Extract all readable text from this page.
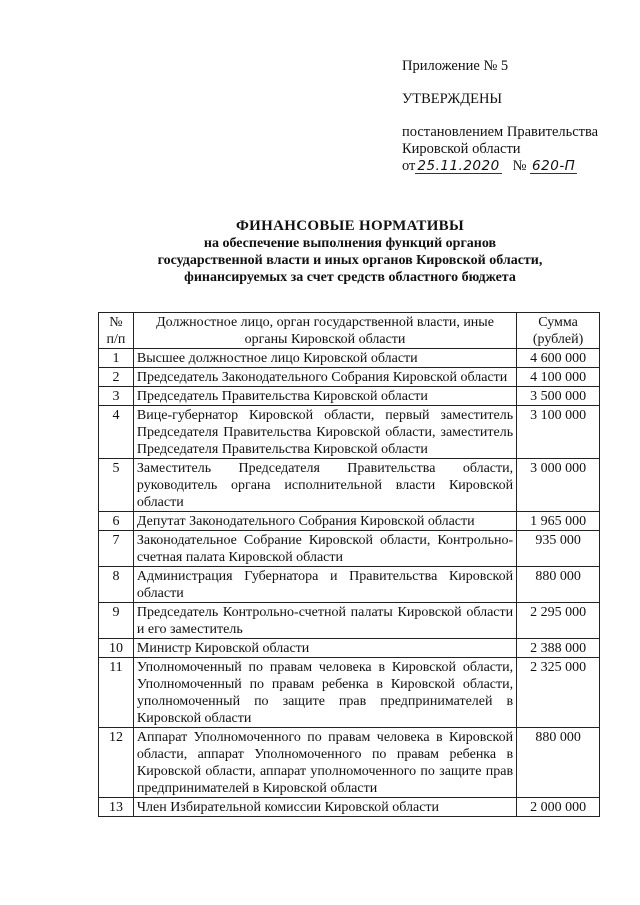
Приложение № 5
УТВЕРЖДЕНЫ
постановлением Правительства
Кировской области
от 25.11.2020 № 620-П
ФИНАНСОВЫЕ НОРМАТИВЫ
на обеспечение выполнения функций органов
государственной власти и иных органов Кировской области,
финансируемых за счет средств областного бюджета
№ п/п	Должностное лицо, орган государственной власти, иные органы Кировской области	Сумма (рублей)
1	Высшее должностное лицо Кировской области	4 600 000
2	Председатель Законодательного Собрания Кировской области	4 100 000
3	Председатель Правительства Кировской области	3 500 000
4	Вице-губернатор Кировской области, первый заместитель Председателя Правительства Кировской области, заместитель Председателя Правительства Кировской области	3 100 000
5	Заместитель Председателя Правительства области, руководитель органа исполнительной власти Кировской области	3 000 000
6	Депутат Законодательного Собрания Кировской области	1 965 000
7	Законодательное Собрание Кировской области, Контрольно-счетная палата Кировской области	935 000
8	Администрация Губернатора и Правительства Кировской области	880 000
9	Председатель Контрольно-счетной палаты Кировской области и его заместитель	2 295 000
10	Министр Кировской области	2 388 000
11	Уполномоченный по правам человека в Кировской области, Уполномоченный по правам ребенка в Кировской области, уполномоченный по защите прав предпринимателей в Кировской области	2 325 000
12	Аппарат Уполномоченного по правам человека в Кировской области, аппарат Уполномоченного по правам ребенка в Кировской области, аппарат уполномоченного по защите прав предпринимателей в Кировской области	880 000
13	Член Избирательной комиссии Кировской области	2 000 000
